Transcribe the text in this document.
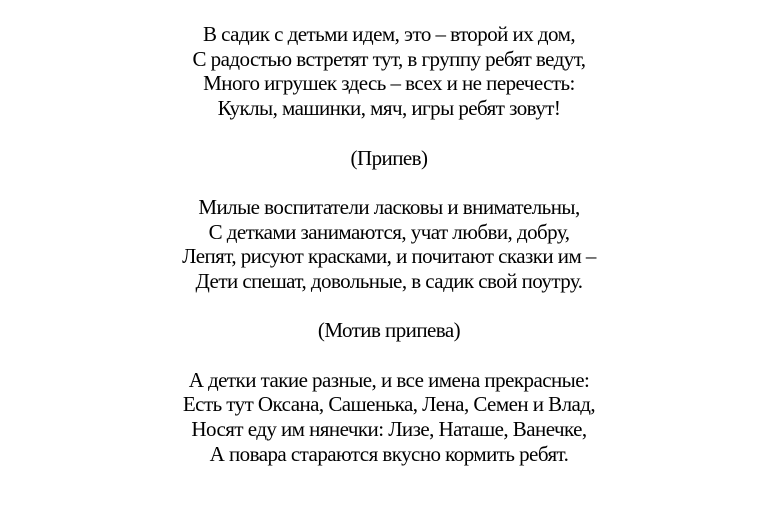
В садик с детьми идем, это – второй их дом,
С радостью встретят тут, в группу ребят ведут,
Много игрушек здесь – всех и не перечесть:
Куклы, машинки, мяч, игры ребят зовут!
(Припев)
Милые воспитатели ласковы и внимательны,
С детками занимаются, учат любви, добру,
Лепят, рисуют красками, и почитают сказки им –
Дети спешат, довольные, в садик свой поутру.
(Мотив припева)
А детки такие разные, и все имена прекрасные:
Есть тут Оксана, Сашенька, Лена, Семен и Влад,
Носят еду им нянечки: Лизе, Наташе, Ванечке,
А повара стараются вкусно кормить ребят.
